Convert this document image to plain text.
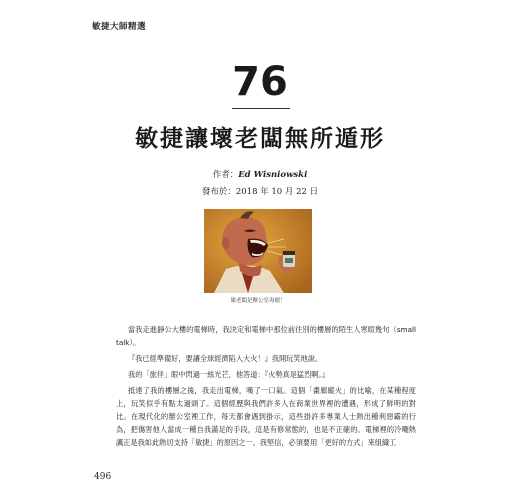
敏捷大師精選
76
敏捷讓壞老闆無所遁形
作者：Ed Wisniowski
發布於：2018 年 10 月 22 日
壞老闆是辦公室毒瘤！

當我走進靜公大樓的電梯時，我決定和電梯中那位前往別的樓層的陌生人寒暄幾句（small talk）。

『我已經準備好，要讓全球經濟陷入大火！』我開玩笑地說。

我的「旅伴」眼中閃過一絲光芒，他答道：『火勢真是猛烈啊。』

抵達了我的樓層之後，我走出電梯，嘆了一口氣。這個「畫廊縱火」的比喻，在某種程度上，玩笑似乎有點太過頭了。這個經歷與我們許多人在商業世界裡的遭遇，形成了鮮明的對比。在現代化的辦公室裡工作，每天都會遇到掛示，這些掛許多專業人士熱出種利惡霸的行為，把傷害他人當成一種自我滿足的手段，這是有修常態的，也是不正確的。電梯裡的冷嘲熱諷正是我如此熱切支持「敏捷」的原因之一。我堅信，必須要用「更好的方式」來組織工

496
